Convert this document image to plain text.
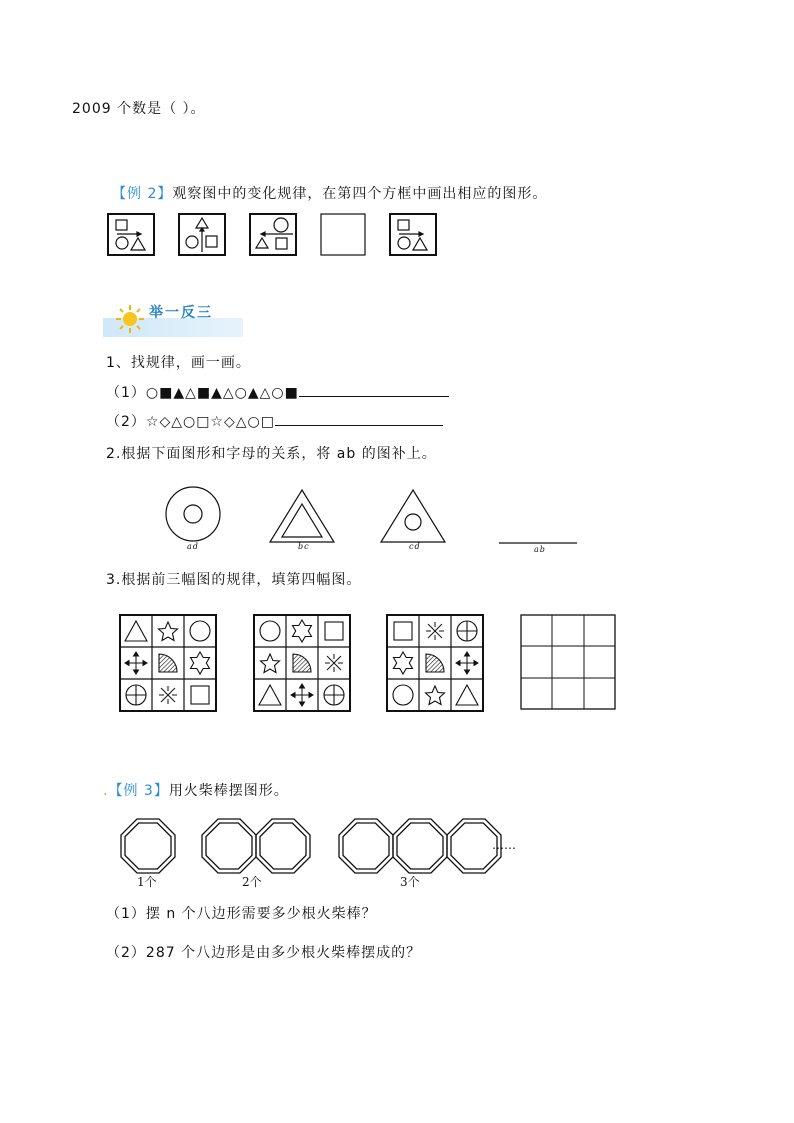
2009 个数是（ ）。
【例 2】观察图中的变化规律，在第四个方框中画出相应的图形。
举一反三
1、找规律，画一画。
（1）○■▲△■▲△○▲△○■
（2）☆◇△○□☆◇△○□
2.根据下面图形和字母的关系，将 ab 的图补上。
ad	bc	cd	ab
3.根据前三幅图的规律，填第四幅图。
.【例 3】用火柴棒摆图形。
……
1个	2个	3个
（1）摆 n 个八边形需要多少根火柴棒？
（2）287 个八边形是由多少根火柴棒摆成的？
